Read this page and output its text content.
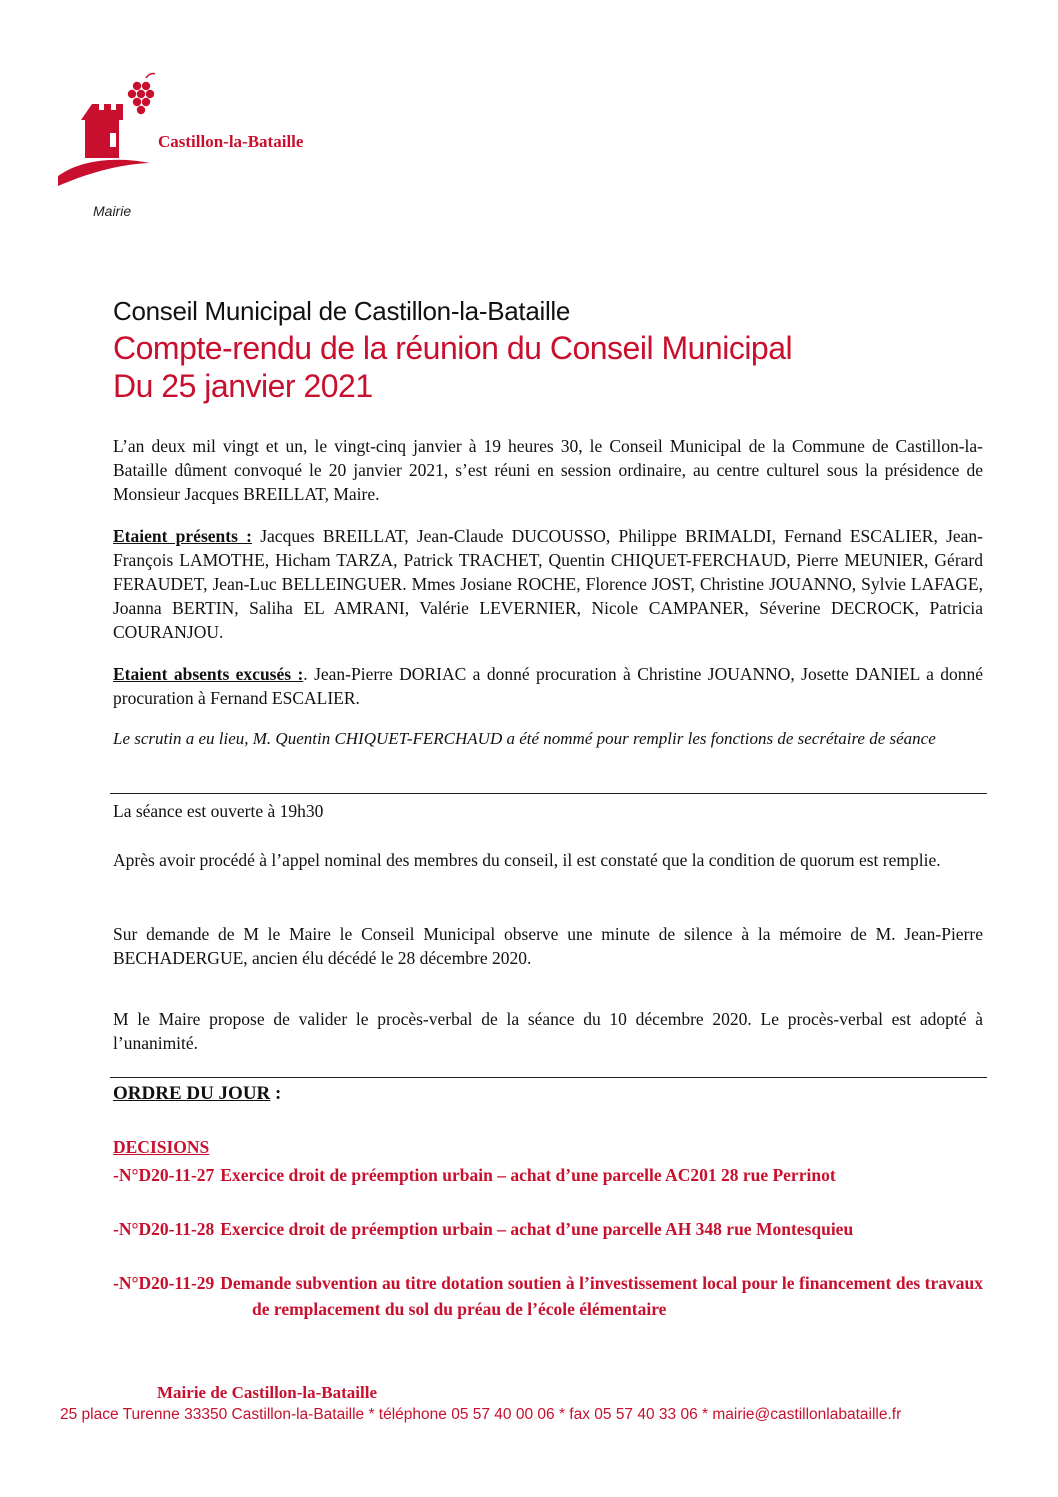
Castillon-la-Bataille
Mairie
Conseil Municipal de Castillon-la-Bataille
Compte-rendu de la réunion du Conseil Municipal
Du 25 janvier 2021
L’an deux mil vingt et un, le vingt-cinq janvier à 19 heures 30, le Conseil Municipal de la Commune de Castillon-la-Bataille dûment convoqué le 20 janvier 2021, s’est réuni en session ordinaire, au centre culturel sous la présidence de Monsieur Jacques BREILLAT, Maire.
Etaient présents : Jacques BREILLAT, Jean-Claude DUCOUSSO, Philippe BRIMALDI, Fernand ESCALIER, Jean-François LAMOTHE, Hicham TARZA, Patrick TRACHET, Quentin CHIQUET-FERCHAUD, Pierre MEUNIER, Gérard FERAUDET, Jean-Luc BELLEINGUER. Mmes Josiane ROCHE, Florence JOST, Christine JOUANNO, Sylvie LAFAGE, Joanna BERTIN, Saliha EL AMRANI, Valérie LEVERNIER, Nicole CAMPANER, Séverine DECROCK, Patricia COURANJOU.
Etaient absents excusés :. Jean-Pierre DORIAC a donné procuration à Christine JOUANNO, Josette DANIEL a donné procuration à Fernand ESCALIER.
Le scrutin a eu lieu, M. Quentin CHIQUET-FERCHAUD a été nommé pour remplir les fonctions de secrétaire de séance
La séance est ouverte à 19h30
Après avoir procédé à l’appel nominal des membres du conseil, il est constaté que la condition de quorum est remplie.
Sur demande de M le Maire le Conseil Municipal observe une minute de silence à la mémoire de M. Jean-Pierre BECHADERGUE, ancien élu décédé le 28 décembre 2020.
M le Maire propose de valider le procès-verbal de la séance du 10 décembre 2020. Le procès-verbal est adopté à l’unanimité.
ORDRE DU JOUR :
DECISIONS
-N°D20-11-27 Exercice droit de préemption urbain – achat d’une parcelle AC201 28 rue Perrinot
-N°D20-11-28 Exercice droit de préemption urbain – achat d’une parcelle AH 348 rue Montesquieu
-N°D20-11-29 Demande subvention au titre dotation soutien à l’investissement local pour le financement des travaux de remplacement du sol du préau de l’école élémentaire
Mairie de Castillon-la-Bataille
25 place Turenne 33350 Castillon-la-Bataille * téléphone 05 57 40 00 06 * fax 05 57 40 33 06 * mairie@castillonlabataille.fr
